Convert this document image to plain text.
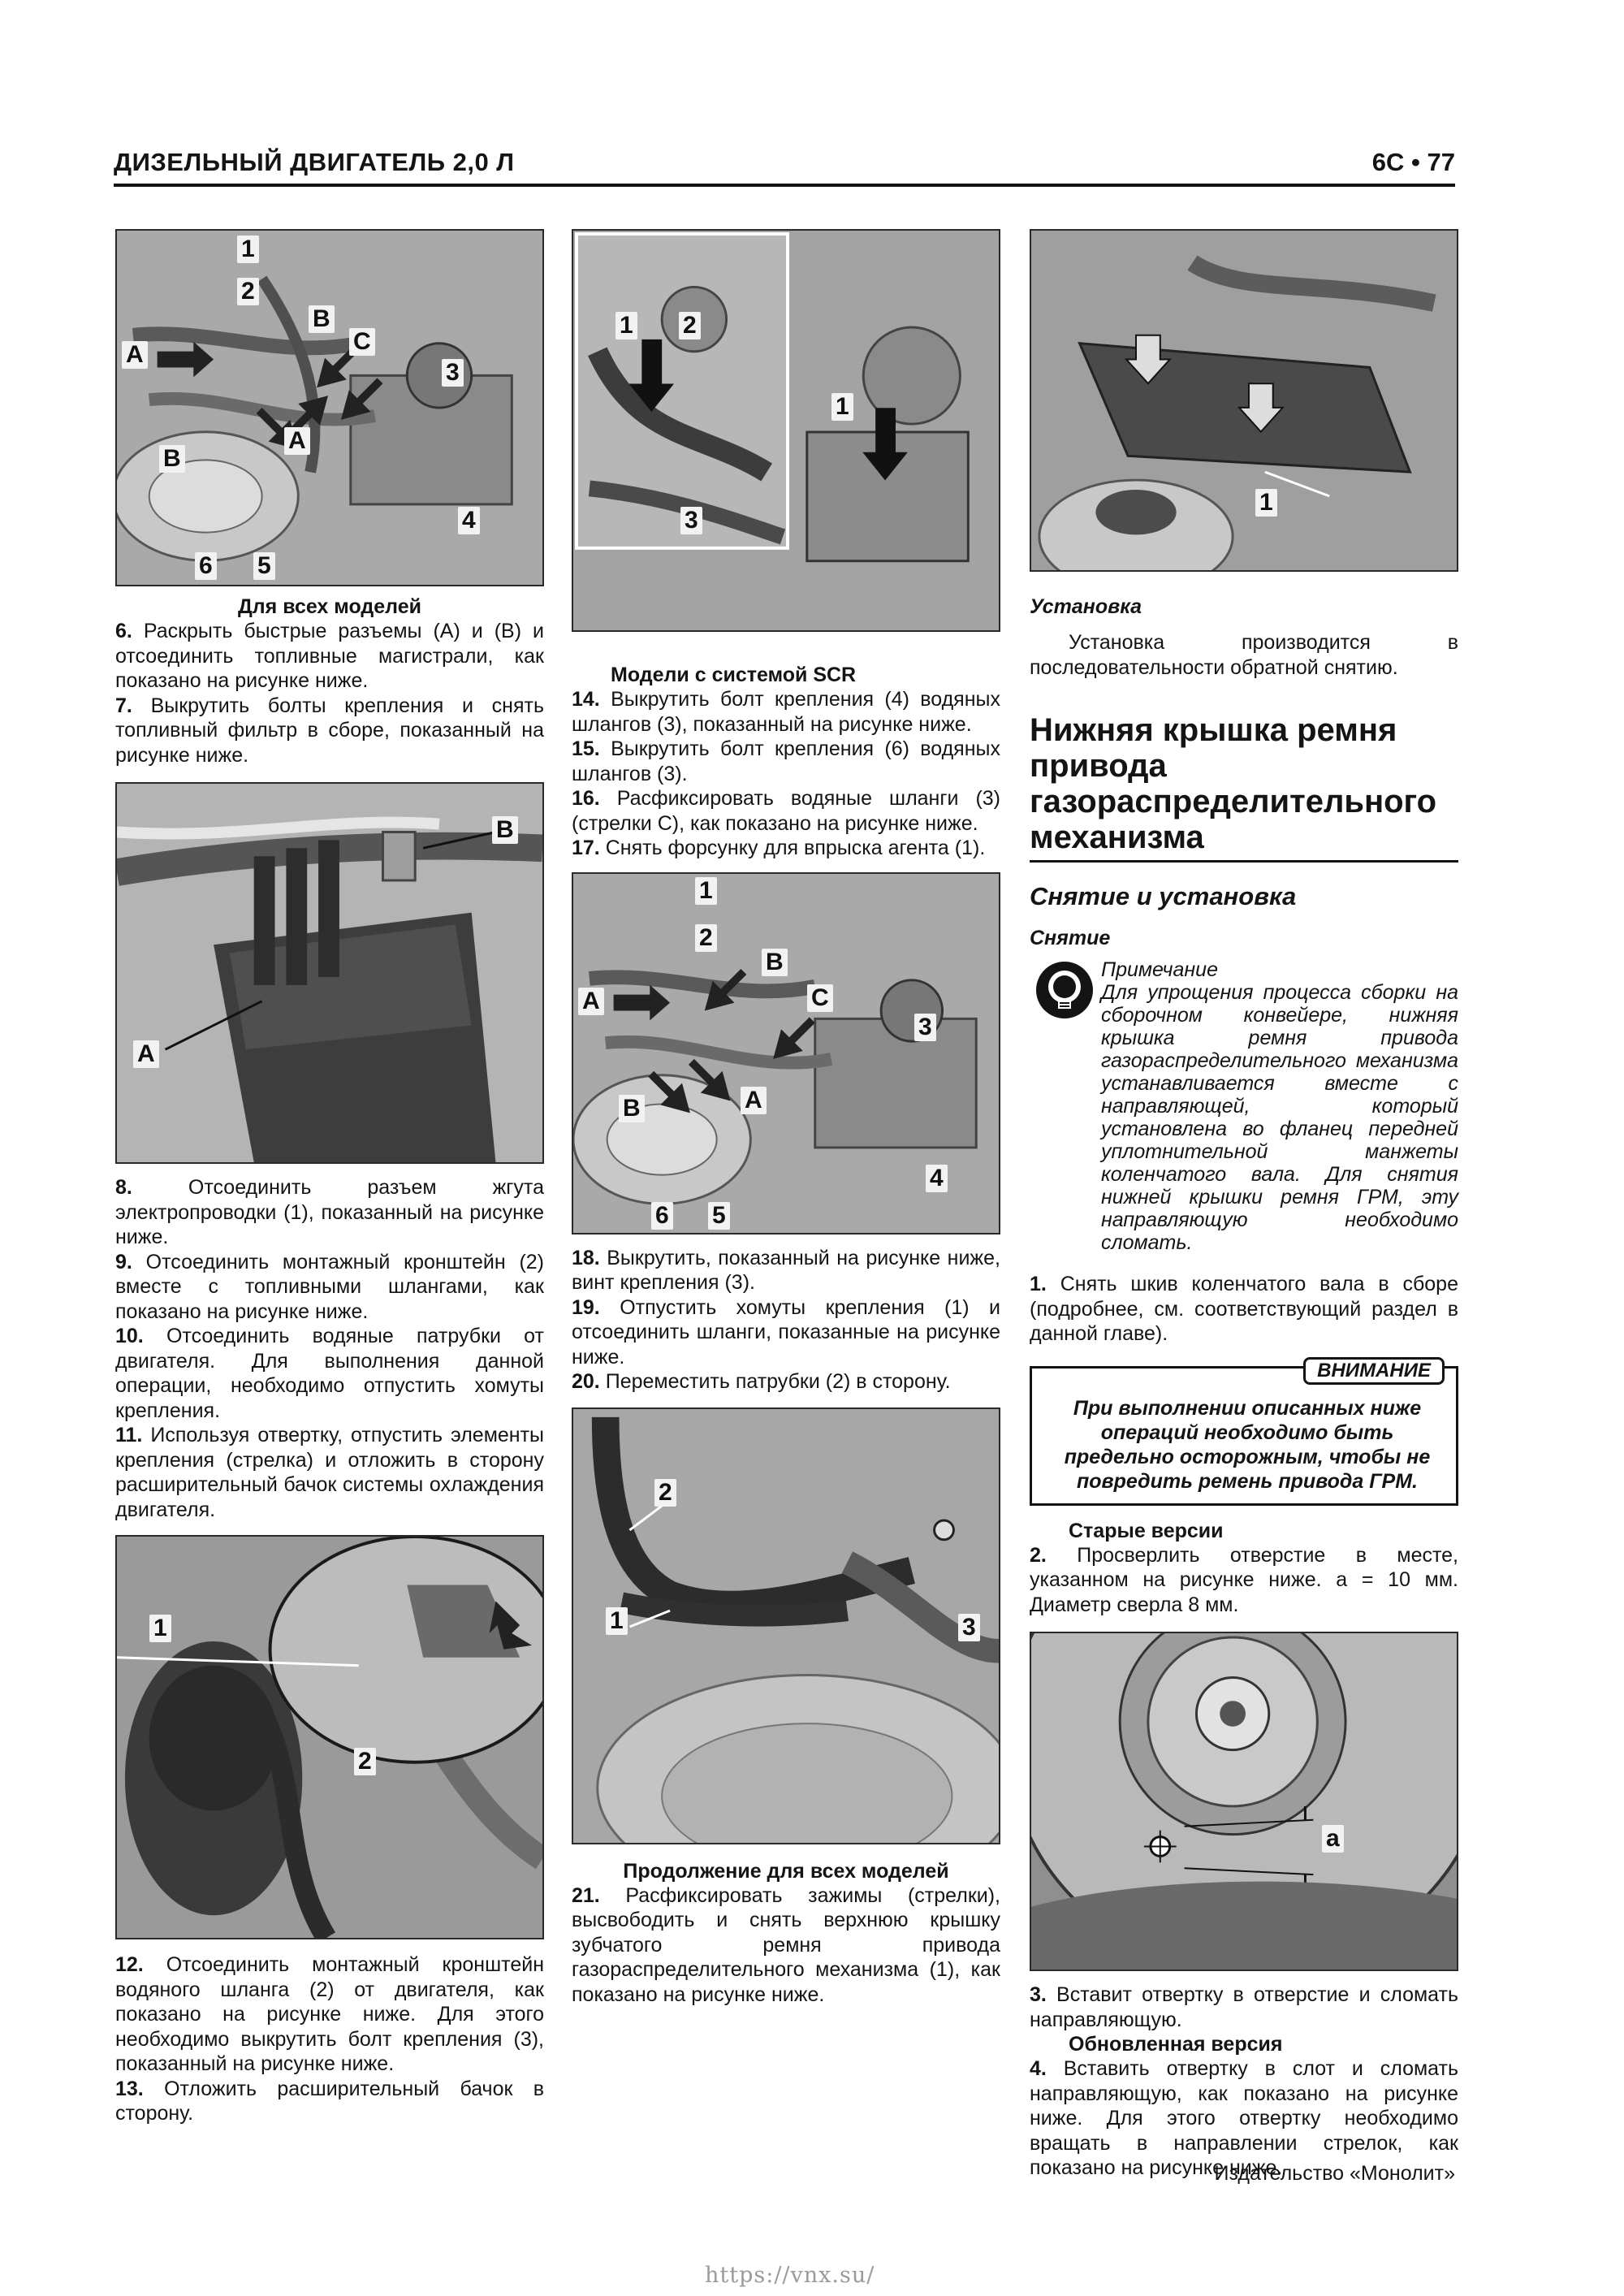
ДИЗЕЛЬНЫЙ ДВИГАТЕЛЬ 2,0 Л	6С • 77
1
2
A
B
C
3
A
B
4
6 5
Для всех моделей

6. Раскрыть быстрые разъемы (А) и (В) и отсоединить топливные магистрали, как показано на рисунке ниже.

7. Выкрутить болты крепления и снять топливный фильтр в сборе, показанный на рисунке ниже.

B
A

8.	Отсоединить разъем жгута электропроводки (1), показанный на рисунке ниже.

9. Отсоединить монтажный кронштейн (2) вместе с топливными шлангами, как показано на рисунке ниже.

10. Отсоединить водяные патрубки от двигателя. Для выполнения данной операции, необходимо отпустить хомуты крепления.

11. Используя отвертку, отпустить элементы крепления (стрелка) и отложить в сторону расширительный бачок системы охлаждения двигателя.

1
2

12. Отсоединить монтажный кронштейн водяного шланга (2) от двигателя, как показано на рисунке ниже. Для этого необходимо выкрутить болт крепления (3), показанный на рисунке ниже.

13. Отложить расширительный бачок в сторону.

1 2
1
3
Модели с системой SCR

14. Выкрутить болт крепления (4) водяных шлангов (3), показанный на рисунке ниже.

15. Выкрутить болт крепления (6) водяных шлангов (3).

16. Расфиксировать водяные шланги (3) (стрелки С), как показано на рисунке ниже.

17. Снять форсунку для впрыска агента (1).

1
2
B
A	C
3
B	A
4
6 5

18. Выкрутить, показанный на рисунке ниже, винт крепления (3).

19. Отпустить хомуты крепления (1) и отсоединить шланги, показанные на рисунке ниже.

20. Переместить патрубки (2) в сторону.

2
1	3
Продолжение для всех моделей

21. Расфиксировать зажимы (стрелки), высвободить и снять верхнюю крышку зубчатого ремня привода газораспределительного механизма (1), как показано на рисунке ниже.

1
Установка
Установка производится в последовательности обратной снятию.
Нижняя крышка ремня привода газораспределительного механизма
Снятие и установка
Снятие
Примечание
Для упрощения процесса сборки на сборочном конвейере, нижняя крышка ремня привода газораспределительного механизма устанавливается вместе с направляющей, который установлена во фланец передней уплотнительной манжеты коленчатого вала. Для снятия нижней крышки ремня ГРМ, эту направляющую необходимо сломать.

1. Снять шкив коленчатого вала в сборе (подробнее, см. соответствующий раздел в данной главе).

ВНИМАНИЕ
При выполнении описанных ниже операций необходимо быть предельно осторожным, чтобы не повредить ремень привода ГРМ.
Старые версии

2. Просверлить отверстие в месте, указанном на рисунке ниже. а = 10 мм. Диаметр сверла 8 мм.

a

3. Вставит отвертку в отверстие и сломать направляющую.

Обновленная версия

4. Вставить отвертку в слот и сломать направляющую, как показано на рисунке ниже. Для этого отвертку необходимо вращать в направлении стрелок, как показано на рисунке ниже.

Издательство «Монолит»
https://vnx.su/
